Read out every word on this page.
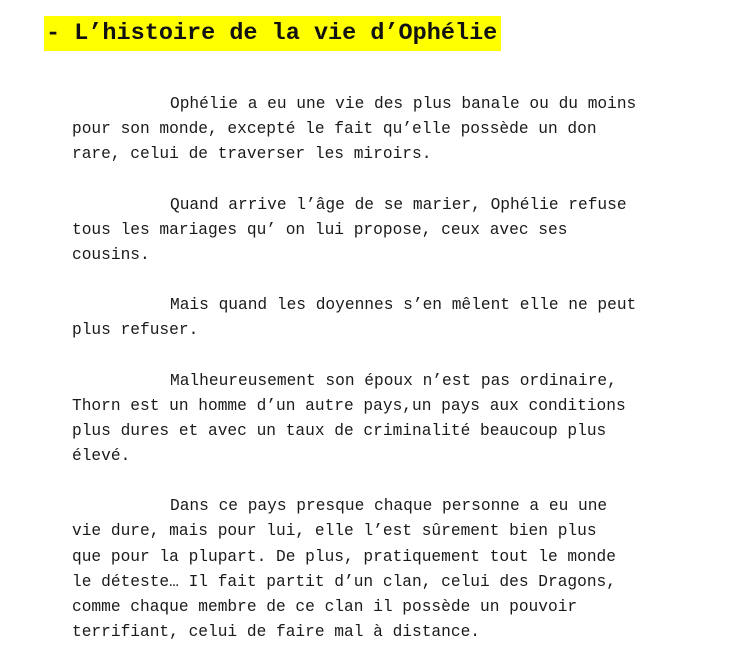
- L’histoire de la vie d’Ophélie
Ophélie a eu une vie des plus banale ou du moins
pour son monde, excepté le fait qu’elle possède un don
rare, celui de traverser les miroirs.
Quand arrive l’âge de se marier, Ophélie refuse
tous les mariages qu’ on lui propose, ceux avec ses
cousins.
Mais quand les doyennes s’en mêlent elle ne peut
plus refuser.
Malheureusement son époux n’est pas ordinaire,
Thorn est un homme d’un autre pays,un pays aux conditions
plus dures et avec un taux de criminalité beaucoup plus
élevé.
Dans ce pays presque chaque personne a eu une
vie dure, mais pour lui, elle l’est sûrement bien plus
que pour la plupart. De plus, pratiquement tout le monde
le déteste… Il fait partit d’un clan, celui des Dragons,
comme chaque membre de ce clan il possède un pouvoir
terrifiant, celui de faire mal à distance.
